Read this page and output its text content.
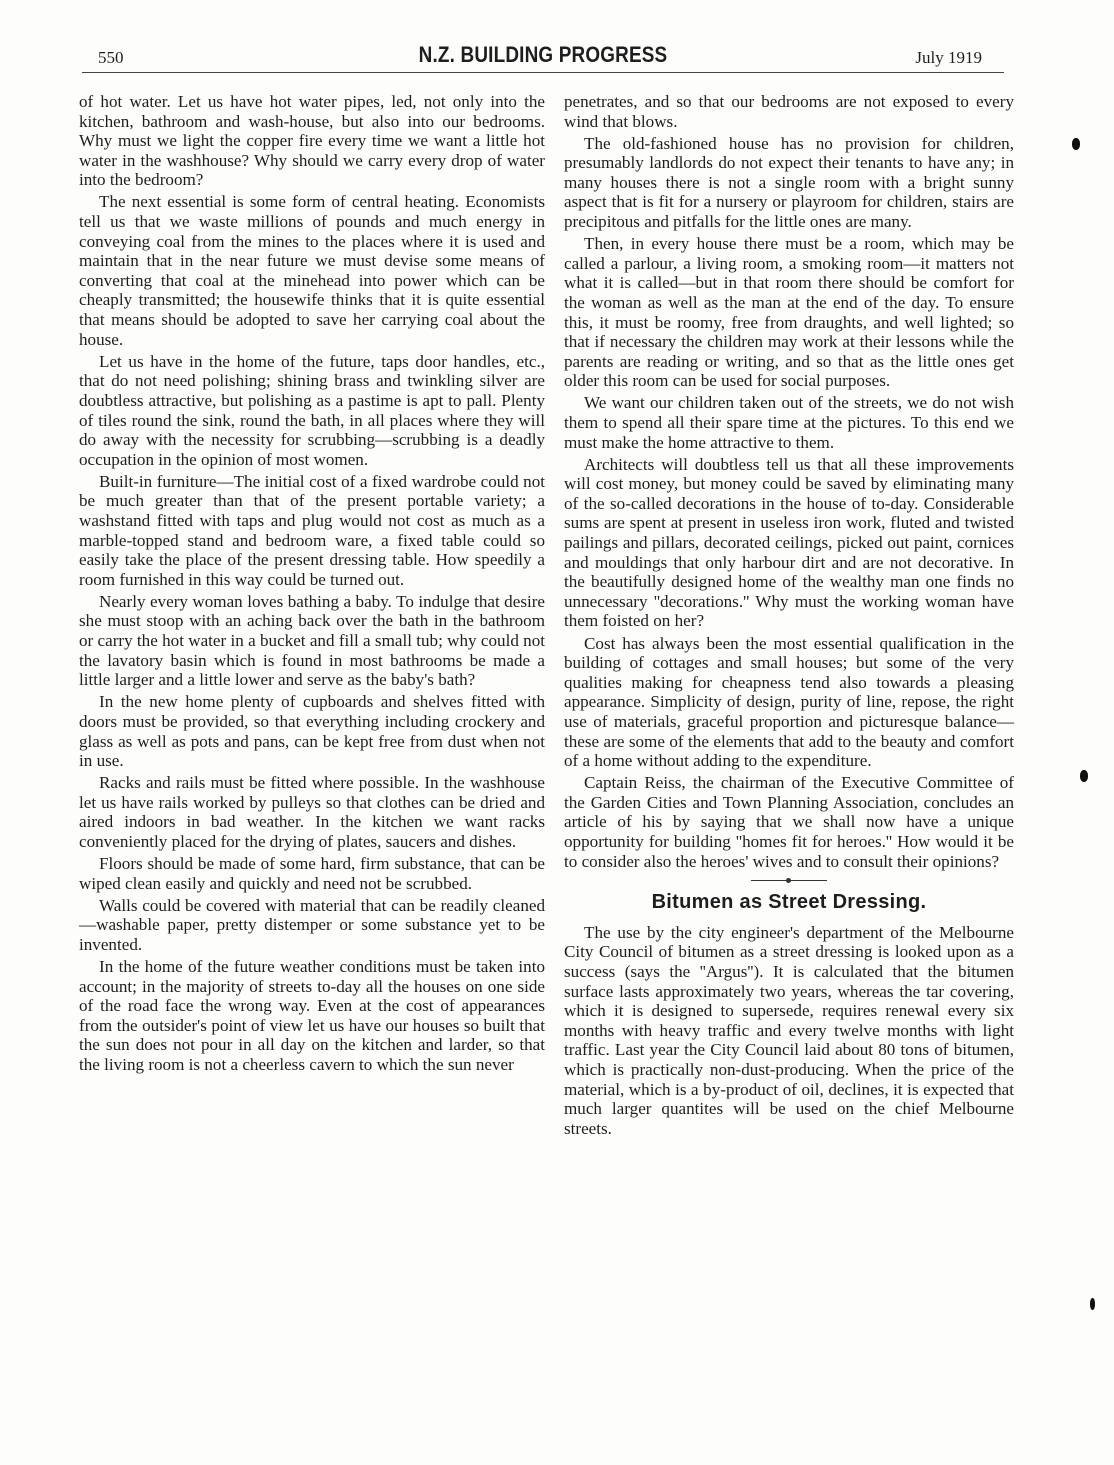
550	N.Z. BUILDING PROGRESS	July 1919

of hot water. Let us have hot water pipes, led, not only into the kitchen, bathroom and wash-house, but also into our bedrooms. Why must we light the copper fire every time we want a little hot water in the washhouse? Why should we carry every drop of water into the bedroom?

The next essential is some form of central heating. Economists tell us that we waste millions of pounds and much energy in conveying coal from the mines to the places where it is used and maintain that in the near future we must devise some means of converting that coal at the minehead into power which can be cheaply transmitted; the housewife thinks that it is quite essential that means should be adopted to save her carrying coal about the house.

Let us have in the home of the future, taps door handles, etc., that do not need polishing; shining brass and twinkling silver are doubtless attractive, but polishing as a pastime is apt to pall. Plenty of tiles round the sink, round the bath, in all places where they will do away with the necessity for scrubbing—scrubbing is a deadly occupation in the opinion of most women.

Built-in furniture—The initial cost of a fixed wardrobe could not be much greater than that of the present portable variety; a washstand fitted with taps and plug would not cost as much as a marble-topped stand and bedroom ware, a fixed table could so easily take the place of the present dressing table. How speedily a room furnished in this way could be turned out.

Nearly every woman loves bathing a baby. To indulge that desire she must stoop with an aching back over the bath in the bathroom or carry the hot water in a bucket and fill a small tub; why could not the lavatory basin which is found in most bathrooms be made a little larger and a little lower and serve as the baby's bath?

In the new home plenty of cupboards and shelves fitted with doors must be provided, so that everything including crockery and glass as well as pots and pans, can be kept free from dust when not in use.

Racks and rails must be fitted where possible. In the washhouse let us have rails worked by pulleys so that clothes can be dried and aired indoors in bad weather. In the kitchen we want racks conveniently placed for the drying of plates, saucers and dishes.

Floors should be made of some hard, firm substance, that can be wiped clean easily and quickly and need not be scrubbed.

Walls could be covered with material that can be readily cleaned—washable paper, pretty distemper or some substance yet to be invented.

In the home of the future weather conditions must be taken into account; in the majority of streets to-day all the houses on one side of the road face the wrong way. Even at the cost of appearances from the outsider's point of view let us have our houses so built that the sun does not pour in all day on the kitchen and larder, so that the living room is not a cheerless cavern to which the sun never

penetrates, and so that our bedrooms are not exposed to every wind that blows.

The old-fashioned house has no provision for children, presumably landlords do not expect their tenants to have any; in many houses there is not a single room with a bright sunny aspect that is fit for a nursery or playroom for children, stairs are precipitous and pitfalls for the little ones are many.

Then, in every house there must be a room, which may be called a parlour, a living room, a smoking room—it matters not what it is called—but in that room there should be comfort for the woman as well as the man at the end of the day. To ensure this, it must be roomy, free from draughts, and well lighted; so that if necessary the children may work at their lessons while the parents are reading or writing, and so that as the little ones get older this room can be used for social purposes.

We want our children taken out of the streets, we do not wish them to spend all their spare time at the pictures. To this end we must make the home attractive to them.

Architects will doubtless tell us that all these improvements will cost money, but money could be saved by eliminating many of the so-called decorations in the house of to-day. Considerable sums are spent at present in useless iron work, fluted and twisted pailings and pillars, decorated ceilings, picked out paint, cornices and mouldings that only harbour dirt and are not decorative. In the beautifully designed home of the wealthy man one finds no unnecessary ''decorations.'' Why must the working woman have them foisted on her?

Cost has always been the most essential qualification in the building of cottages and small houses; but some of the very qualities making for cheapness tend also towards a pleasing appearance. Simplicity of design, purity of line, repose, the right use of materials, graceful proportion and picturesque balance—these are some of the elements that add to the beauty and comfort of a home without adding to the expenditure.

Captain Reiss, the chairman of the Executive Committee of the Garden Cities and Town Planning Association, concludes an article of his by saying that we shall now have a unique opportunity for building ''homes fit for heroes.'' How would it be to consider also the heroes' wives and to consult their opinions?

Bitumen as Street Dressing.

The use by the city engineer's department of the Melbourne City Council of bitumen as a street dressing is looked upon as a success (says the ''Argus''). It is calculated that the bitumen surface lasts approximately two years, whereas the tar covering, which it is designed to supersede, requires renewal every six months with heavy traffic and every twelve months with light traffic. Last year the City Council laid about 80 tons of bitumen, which is practically non-dust-producing. When the price of the material, which is a by-product of oil, declines, it is expected that much larger quantites will be used on the chief Melbourne streets.
